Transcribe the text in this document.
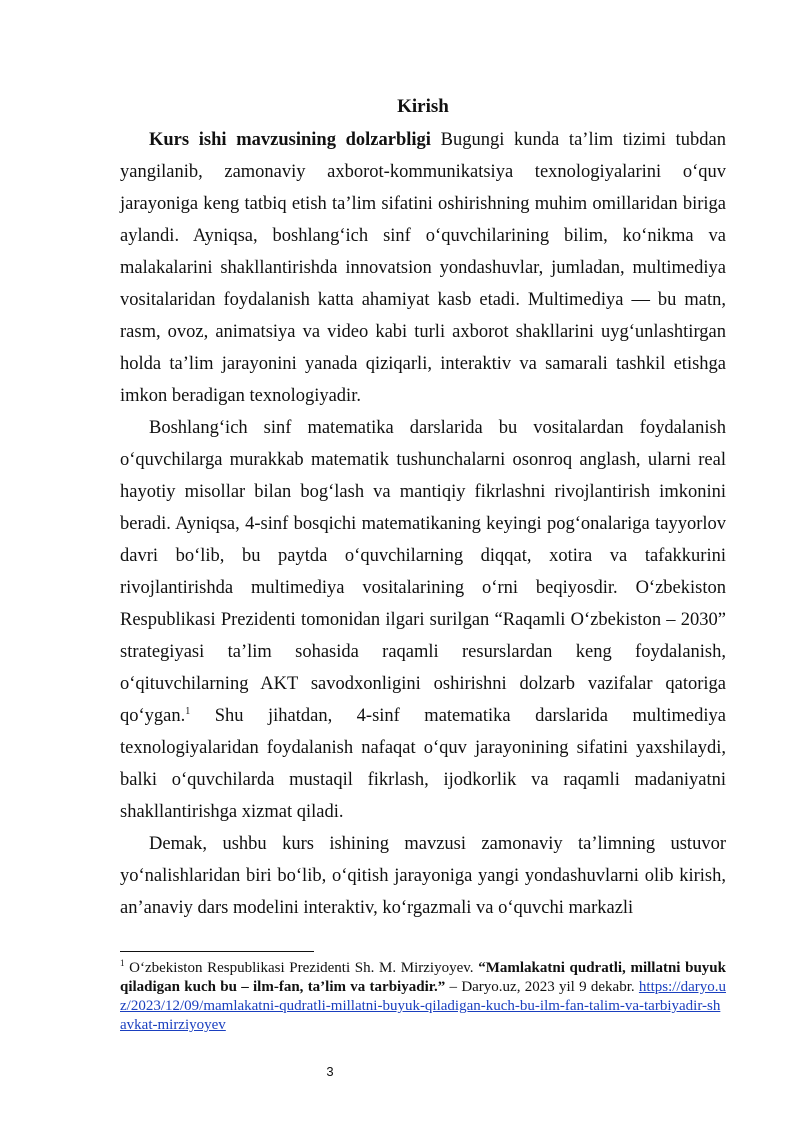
Kirish

Kurs ishi mavzusining dolzarbligi Bugungi kunda ta’lim tizimi tubdan yangilanib, zamonaviy axborot-kommunikatsiya texnologiyalarini o‘quv jarayoniga keng tatbiq etish ta’lim sifatini oshirishning muhim omillaridan biriga aylandi. Ayniqsa, boshlang‘ich sinf o‘quvchilarining bilim, ko‘nikma va malakalarini shakllantirishda innovatsion yondashuvlar, jumladan, multimediya vositalaridan foydalanish katta ahamiyat kasb etadi. Multimediya — bu matn, rasm, ovoz, animatsiya va video kabi turli axborot shakllarini uyg‘unlashtirgan holda ta’lim jarayonini yanada qiziqarli, interaktiv va samarali tashkil etishga imkon beradigan texnologiyadir.

Boshlang‘ich sinf matematika darslarida bu vositalardan foydalanish o‘quvchilarga murakkab matematik tushunchalarni osonroq anglash, ularni real hayotiy misollar bilan bog‘lash va mantiqiy fikrlashni rivojlantirish imkonini beradi. Ayniqsa, 4-sinf bosqichi matematikaning keyingi pog‘onalariga tayyorlov davri bo‘lib, bu paytda o‘quvchilarning diqqat, xotira va tafakkurini rivojlantirishda multimediya vositalarining o‘rni beqiyosdir. O‘zbekiston Respublikasi Prezidenti tomonidan ilgari surilgan “Raqamli O‘zbekiston – 2030” strategiyasi ta’lim sohasida raqamli resurslardan keng foydalanish, o‘qituvchilarning AKT savodxonligini oshirishni dolzarb vazifalar qatoriga qo‘ygan.$^1$ Shu jihatdan, 4-sinf matematika darslarida multimediya texnologiyalaridan foydalanish nafaqat o‘quv jarayonining sifatini yaxshilaydi, balki o‘quvchilarda mustaqil fikrlash, ijodkorlik va raqamli madaniyatni shakllantirishga xizmat qiladi.

Demak, ushbu kurs ishining mavzusi zamonaviy ta’limning ustuvor yo‘nalishlaridan biri bo‘lib, o‘qitish jarayoniga yangi yondashuvlarni olib kirish, an’anaviy dars modelini interaktiv, ko‘rgazmali va o‘quvchi markazli

$^1$ O‘zbekiston Respublikasi Prezidenti Sh. M. Mirziyoyev. “Mamlakatni qudratli, millatni buyuk qiladigan kuch bu – ilm-fan, ta’lim va tarbiyadir.” – Daryo.uz, 2023 yil 9 dekabr. https://daryo.uz/2023/12/09/mamlakatni-qudratli-millatni-buyuk-qiladigan-kuch-bu-ilm-fan-talim-va-tarbiyadir-shavkat-mirziyoyev
3
